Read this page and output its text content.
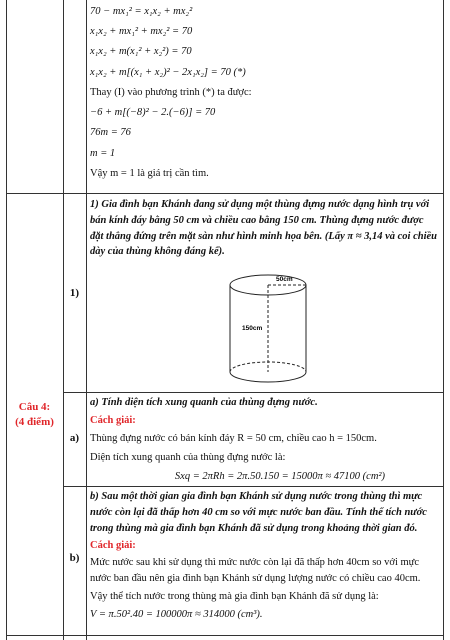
70 − mx₁² = x₁x₂ + mx₂²

x₁x₂ + mx₁² + mx₂² = 70

x₁x₂ + m(x₁² + x₂²) = 70

x₁x₂ + m[(x₁ + x₂)² − 2x₁x₂] = 70 (*)

Thay (I) vào phương trình (*) ta được:

−6 + m[(−8)² − 2.(−6)] = 70

76m = 76

m = 1

Vậy m = 1 là giá trị cần tìm.

Câu 4:
(4 điểm)
1)
1) Gia đình bạn Khánh đang sử dụng một thùng đựng nước dạng hình trụ với bán kính đáy bằng 50 cm và chiều cao bằng 150 cm. Thùng đựng nước được đặt thẳng đứng trên mặt sàn như hình minh họa bên. (Lấy π ≈ 3,14 và coi chiều dày của thùng không đáng kể).
50cm
150cm
a)

a) Tính diện tích xung quanh của thùng đựng nước.

Cách giải:

Thùng đựng nước có bán kính đáy R = 50 cm, chiều cao h = 150cm.

Diện tích xung quanh của thùng đựng nước là:

Sxq = 2πRh = 2π.50.150 = 15000π ≈ 47100 (cm²)

b)

b) Sau một thời gian gia đình bạn Khánh sử dụng nước trong thùng thì mực nước còn lại đã thấp hơn 40 cm so với mực nước ban đầu. Tính thể tích nước trong thùng mà gia đình bạn Khánh đã sử dụng trong khoảng thời gian đó.

Cách giải:

Mức nước sau khi sử dụng thì mức nước còn lại đã thấp hơn 40cm so với mực nước ban đầu nên gia đình bạn Khánh sử dụng lượng nước có chiều cao 40cm.

Vậy thể tích nước trong thùng mà gia đình bạn Khánh đã sử dụng là:

V = π.50².40 = 100000π ≈ 314000 (cm³).
